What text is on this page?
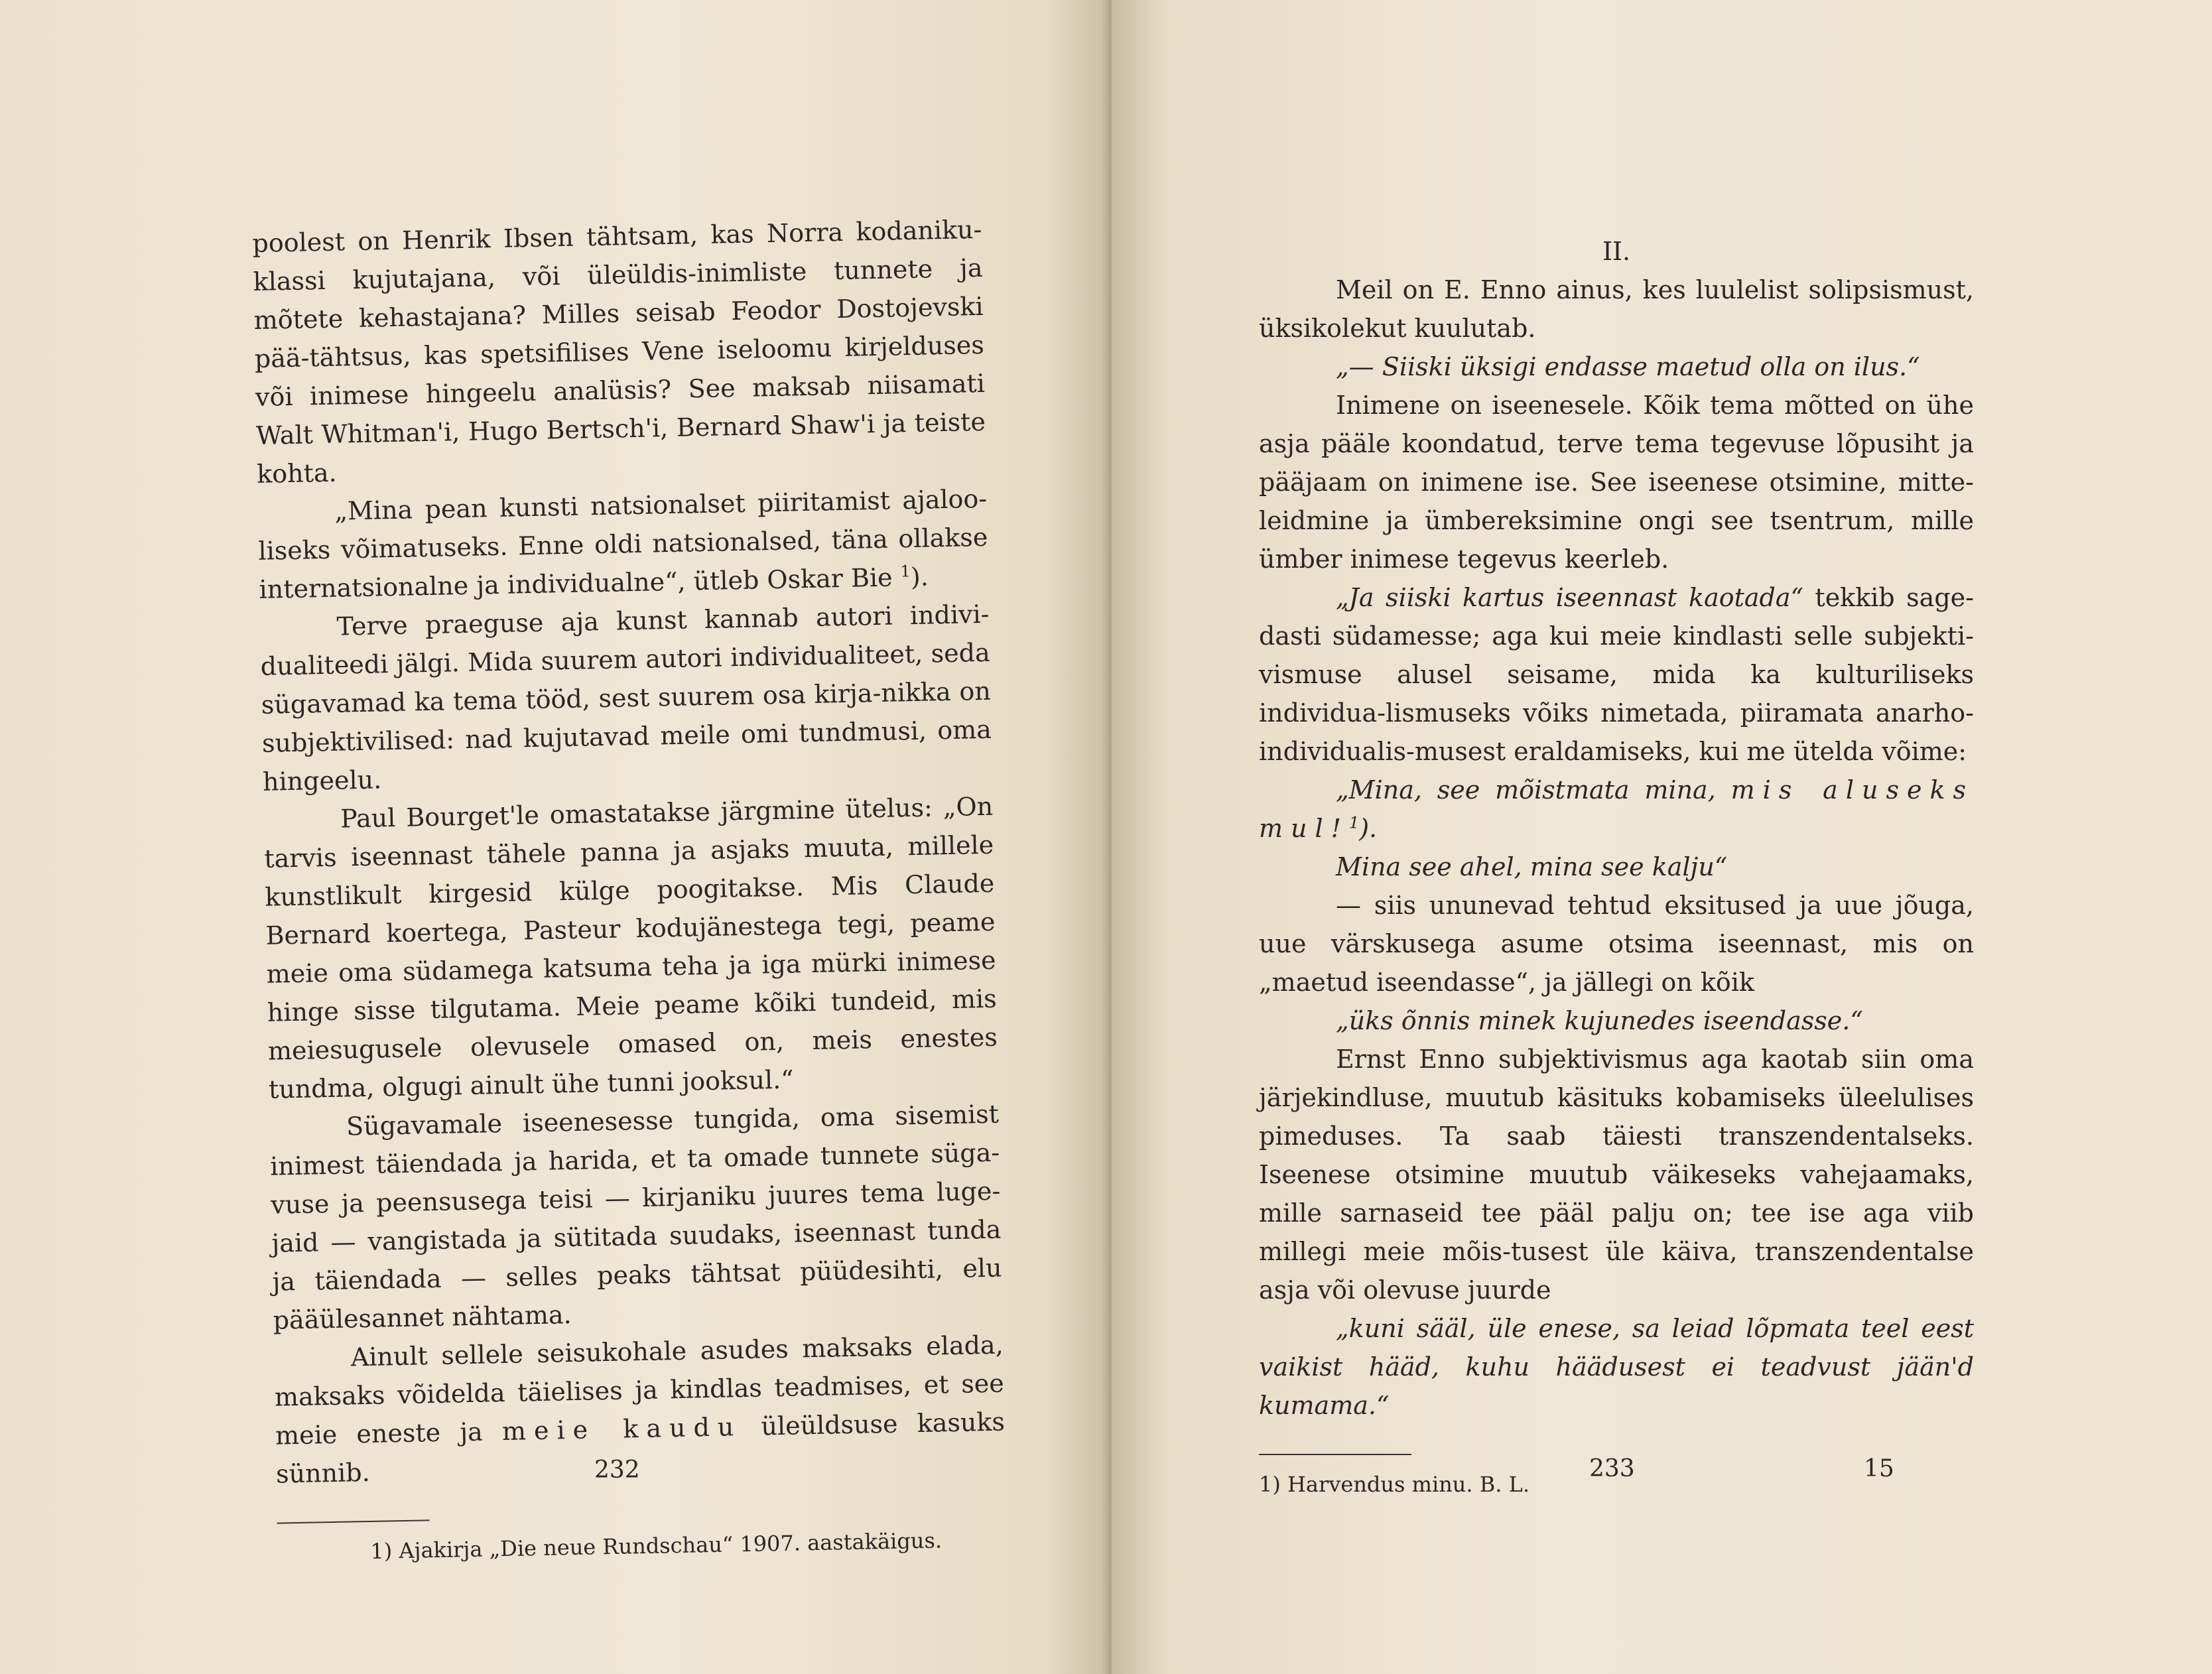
poolest on Henrik Ibsen tähtsam, kas Norra kodaniku-klassi kujutajana, või üleüldis-inimliste tunnete ja mõtete kehastajana? Milles seisab Feodor Dostojevski pää-tähtsus, kas spetsifilises Vene iseloomu kirjelduses või inimese hingeelu analüsis? See maksab niisamati Walt Whitman'i, Hugo Bertsch'i, Bernard Shaw'i ja teiste kohta.

„Mina pean kunsti natsionalset piiritamist ajaloo-liseks võimatuseks. Enne oldi natsionalsed, täna ollakse internatsionalne ja individualne“, ütleb Oskar Bie $^1$).

Terve praeguse aja kunst kannab autori indivi-dualiteedi jälgi. Mida suurem autori individualiteet, seda sügavamad ka tema tööd, sest suurem osa kirja-nikka on subjektivilised: nad kujutavad meile omi tundmusi, oma hingeelu.

Paul Bourget'le omastatakse järgmine ütelus: „On tarvis iseennast tähele panna ja asjaks muuta, millele kunstlikult kirgesid külge poogitakse. Mis Claude Bernard koertega, Pasteur kodujänestega tegi, peame meie oma südamega katsuma teha ja iga mürki inimese hinge sisse tilgutama. Meie peame kõiki tundeid, mis meiesugusele olevusele omased on, meis enestes tundma, olgugi ainult ühe tunni jooksul.“

Sügavamale iseenesesse tungida, oma sisemist inimest täiendada ja harida, et ta omade tunnete süga-vuse ja peensusega teisi — kirjaniku juures tema luge-jaid — vangistada ja sütitada suudaks, iseennast tunda ja täiendada — selles peaks tähtsat püüdesihti, elu pääülesannet nähtama.

Ainult sellele seisukohale asudes maksaks elada, maksaks võidelda täielises ja kindlas teadmises, et see meie eneste ja meie kaudu üleüldsuse kasuks sünnib.

1) Ajakirja „Die neue Rundschau“ 1907. aastakäigus.
232

II.

Meil on E. Enno ainus, kes luulelist solipsismust, üksikolekut kuulutab.

„— Siiski üksigi endasse maetud olla on ilus.“

Inimene on iseenesele. Kõik tema mõtted on ühe asja pääle koondatud, terve tema tegevuse lõpusiht ja pääjaam on inimene ise. See iseenese otsimine, mitte-leidmine ja ümbereksimine ongi see tsentrum, mille ümber inimese tegevus keerleb.

„Ja siiski kartus iseennast kaotada“ tekkib sage-dasti südamesse; aga kui meie kindlasti selle subjekti-vismuse alusel seisame, mida ka kulturiliseks individua-lismuseks võiks nimetada, piiramata anarho-individualis-musest eraldamiseks, kui me ütelda võime:

„Mina, see mõistmata mina, mis aluseks mul!$^1$).

Mina see ahel, mina see kalju“

— siis ununevad tehtud eksitused ja uue jõuga, uue värskusega asume otsima iseennast, mis on „maetud iseendasse“, ja jällegi on kõik

„üks õnnis minek kujunedes iseendasse.“

Ernst Enno subjektivismus aga kaotab siin oma järjekindluse, muutub käsituks kobamiseks üleelulises pimeduses. Ta saab täiesti transzendentalseks. Iseenese otsimine muutub väikeseks vahejaamaks, mille sarnaseid tee pääl palju on; tee ise aga viib millegi meie mõis-tusest üle käiva, transzendentalse asja või olevuse juurde

„kuni sääl, üle enese, sa leiad lõpmata teel eest vaikist hääd, kuhu häädusest ei teadvust jään'd kumama.“

1) Harvendus minu. B. L.
233	15
